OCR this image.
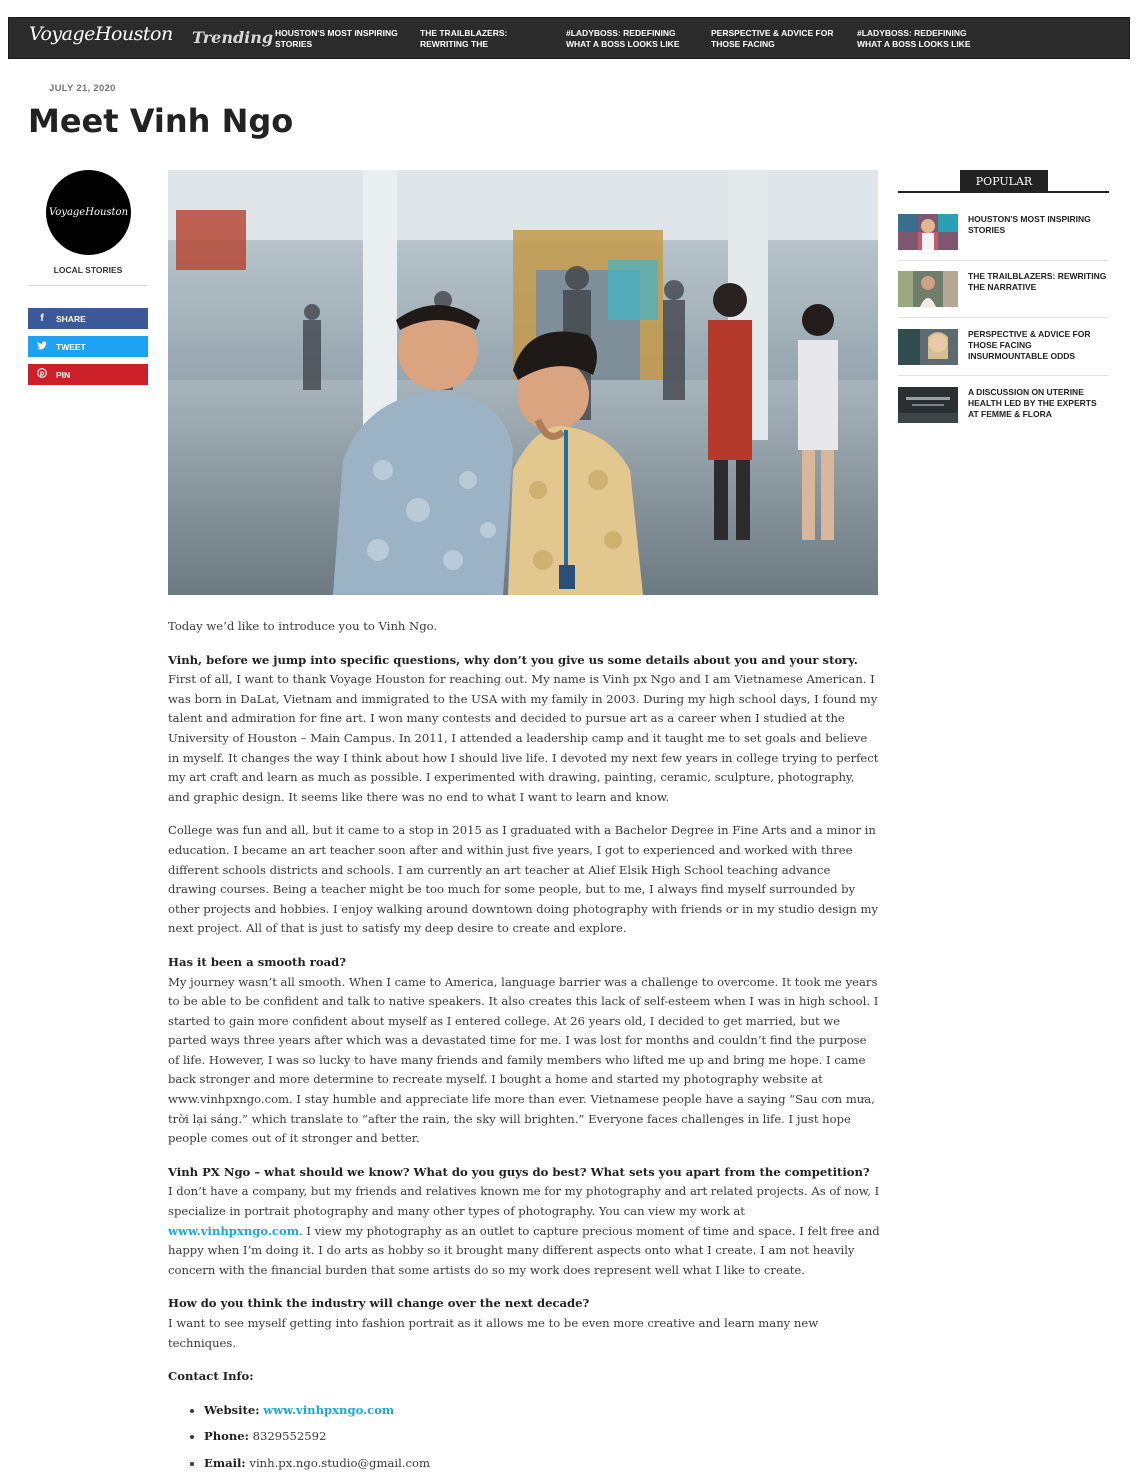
VoyageHouston Trending HOUSTON'S MOST INSPIRING STORIES
THE TRAILBLAZERS: REWRITING THE
#LADYBOSS: REDEFINING WHAT A BOSS LOOKS LIKE
PERSPECTIVE & ADVICE FOR THOSE FACING
#LADYBOSS: REDEFINING WHAT A BOSS LOOKS LIKE
JULY 21, 2020
Meet Vinh Ngo
VoyageHouston
LOCAL STORIES
f	SHARE
TWEET
p PIN
POPULAR
HOUSTON'S MOST INSPIRING STORIES
THE TRAILBLAZERS: REWRITING THE NARRATIVE
PERSPECTIVE & ADVICE FOR THOSE FACING INSURMOUNTABLE ODDS
A DISCUSSION ON UTERINE HEALTH LED BY THE EXPERTS AT FEMME & FLORA

Today we’d like to introduce you to Vinh Ngo.

Vinh, before we jump into specific questions, why don’t you give us some details about you and your story.
First of all, I want to thank Voyage Houston for reaching out. My name is Vinh px Ngo and I am Vietnamese American. I was born in DaLat, Vietnam and immigrated to the USA with my family in 2003. During my high school days, I found my talent and admiration for fine art. I won many contests and decided to pursue art as a career when I studied at the University of Houston – Main Campus. In 2011, I attended a leadership camp and it taught me to set goals and believe in myself. It changes the way I think about how I should live life. I devoted my next few years in college trying to perfect my art craft and learn as much as possible. I experimented with drawing, painting, ceramic, sculpture, photography, and graphic design. It seems like there was no end to what I want to learn and know.

College was fun and all, but it came to a stop in 2015 as I graduated with a Bachelor Degree in Fine Arts and a minor in education. I became an art teacher soon after and within just five years, I got to experienced and worked with three different schools districts and schools. I am currently an art teacher at Alief Elsik High School teaching advance drawing courses. Being a teacher might be too much for some people, but to me, I always find myself surrounded by other projects and hobbies. I enjoy walking around downtown doing photography with friends or in my studio design my next project. All of that is just to satisfy my deep desire to create and explore.

Has it been a smooth road?
My journey wasn’t all smooth. When I came to America, language barrier was a challenge to overcome. It took me years to be able to be confident and talk to native speakers. It also creates this lack of self-esteem when I was in high school. I started to gain more confident about myself as I entered college. At 26 years old, I decided to get married, but we parted ways three years after which was a devastated time for me. I was lost for months and couldn’t find the purpose of life. However, I was so lucky to have many friends and family members who lifted me up and bring me hope. I came back stronger and more determine to recreate myself. I bought a home and started my photography website at www.vinhpxngo.com. I stay humble and appreciate life more than ever. Vietnamese people have a saying “Sau cơn mưa, trời lại sáng.” which translate to “after the rain, the sky will brighten.” Everyone faces challenges in life. I just hope people comes out of it stronger and better.

Vinh PX Ngo – what should we know? What do you guys do best? What sets you apart from the competition?
I don’t have a company, but my friends and relatives known me for my photography and art related projects. As of now, I specialize in portrait photography and many other types of photography. You can view my work at www.vinhpxngo.com. I view my photography as an outlet to capture precious moment of time and space. I felt free and happy when I’m doing it. I do arts as hobby so it brought many different aspects onto what I create. I am not heavily concern with the financial burden that some artists do so my work does represent well what I like to create.

How do you think the industry will change over the next decade?
I want to see myself getting into fashion portrait as it allows me to be even more creative and learn many new techniques.

Contact Info:

• Website: www.vinhpxngo.com
• Phone: 8329552592
• Email: vinh.px.ngo.studio@gmail.com
